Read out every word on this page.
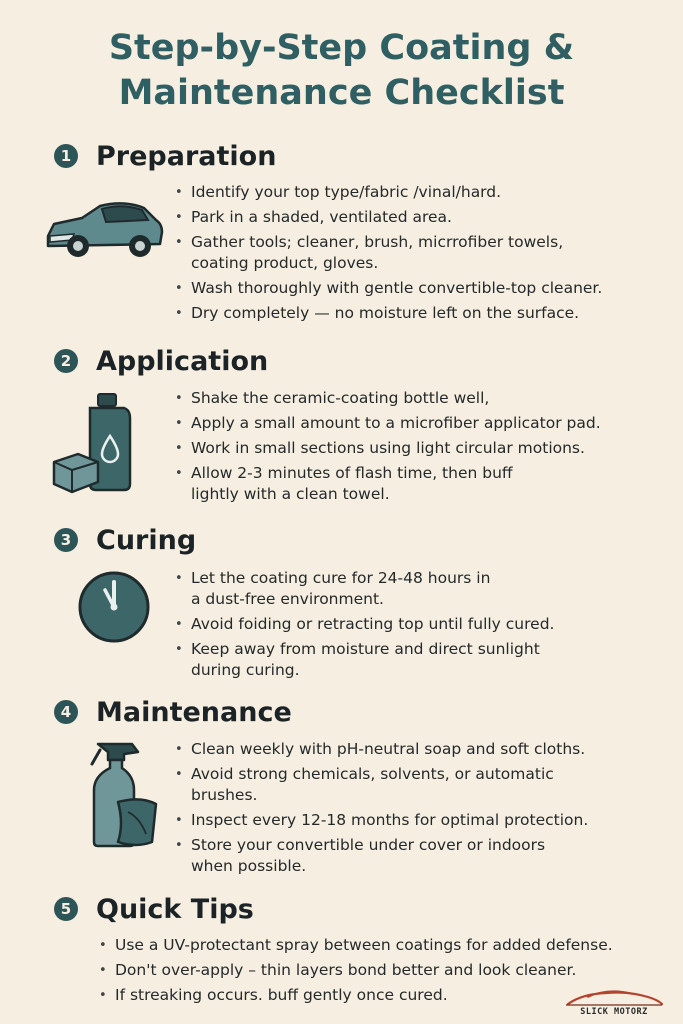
Step-by-Step Coating &
Maintenance Checklist
1 Preparation
• Identify your top type/fabric /vinal/hard.
• Park in a shaded, ventilated area.
• Gather tools; cleaner, brush, micrrofiber towels,
coating product, gloves.
• Wash thoroughly with gentle convertible-top cleaner.
• Dry completely — no moisture left on the surface.
2 Application
• Shake the ceramic-coating bottle well,
• Apply a small amount to a microfiber applicator pad.
• Work in small sections using light circular motions.
• Allow 2-3 minutes of flash time, then buff
lightly with a clean towel.
3 Curing
• Let the coating cure for 24-48 hours in
a dust-free environment.
• Avoid foiding or retracting top until fully cured.
• Keep away from moisture and direct sunlight
during curing.
4 Maintenance
• Clean weekly with pH-neutral soap and soft cloths.
• Avoid strong chemicals, solvents, or automatic
brushes.
• Inspect every 12-18 months for optimal protection.
• Store your convertible under cover or indoors
when possible.
5 Quick Tips
• Use a UV-protectant spray between coatings for added defense.
• Don't over-apply – thin layers bond better and look cleaner.
• If streaking occurs. buff gently once cured.
SLICK MOTORZ
